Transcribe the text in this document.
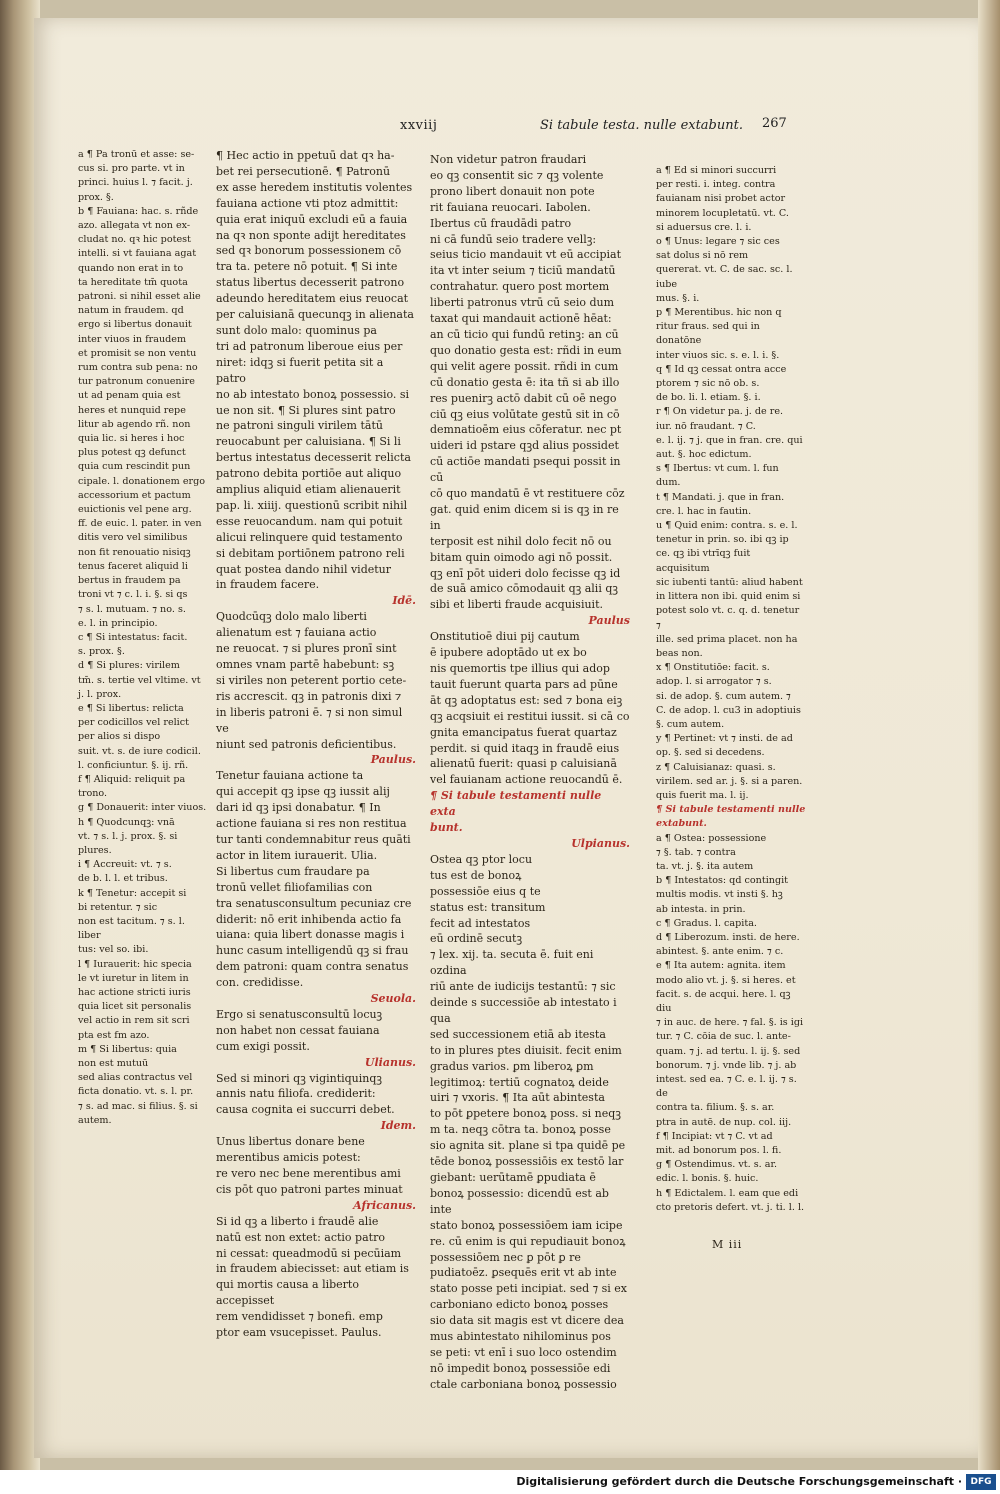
xxviij	Si tabule testa. nulle extabunt. 267

a ¶ Pa tronū et asse: se-

cus si. pro parte. vt in

princi. huius l. ⁊ facit. j.

prox. §.

b ¶ Fauiana: hac. s. rñde

azo. allegata vt non ex-

cludat no. qꝛ hic potest

intelli. si vt fauiana agat

quando non erat in to

ta hereditate tm̄ quota

patroni. si nihil esset alie

natum in fraudem. qd

ergo si libertus donauit

inter viuos in fraudem

et promisit se non ventu

rum contra sub pena: no

tur patronum conuenire

ut ad penam quia est

heres et nunquid repe

litur ab agendo rñ. non

quia lic. si heres i hoc

plus potest qꝫ defunct

quia cum rescindit pun

cipale. l. donationem ergo

accessorium et pactum

euictionis vel pene arg.

ff. de euic. l. pater. in ven

ditis vero vel similibus

non fit renouatio nisiqꝫ

tenus faceret aliquid li

bertus in fraudem pa

troni vt ⁊ c. l. i. §. si qs

⁊ s. l. mutuam. ⁊ no. s.

e. l. in principio.

c ¶ Si intestatus: facit.

s. prox. §.

d ¶ Si plures: virilem

tm̄. s. tertie vel vltime. vt

j. l. prox.

e ¶ Si libertus: relicta

per codicillos vel relict

per alios si dispo

suit. vt. s. de iure codicil.

l. conficiuntur. §. ij. rñ.

f ¶ Aliquid: reliquit pa

trono.

g ¶ Donauerit: inter viuos.

h ¶ Quodcunqꝫ: vnā

vt. ⁊ s. l. j. prox. §. si

plures.

i ¶ Accreuit: vt. ⁊ s.

de b. l. l. et tribus.

k ¶ Tenetur: accepit si

bi retentur. ⁊ sic

non est tacitum. ⁊ s. l. liber

tus: vel so. ibi.

l ¶ Iurauerit: hic specia

le vt iuretur in litem in

hac actione stricti iuris

quia licet sit personalis

vel actio in rem sit scri

pta est fm azo.

m ¶ Si libertus: quia

non est mutuū

sed alias contractus vel

ficta donatio. vt. s. l. pr.

⁊ s. ad mac. si filius. §. si

autem.

¶ Hec actio in ppetuū dat qꝛ ha-

bet rei persecutionē. ¶ Patronū

ex asse heredem institutis volentes

fauiana actione vti ptoz admittit:

quia erat iniquū excludi eū a fauia

na qꝛ non sponte adijt hereditates

sed qꝛ bonorum possessionem cō

tra ta. petere nō potuit. ¶ Si inte

status libertus decesserit patrono

adeundo hereditatem eius reuocat

per caluisianā quecunqꝫ in alienata

sunt dolo malo: quominus pa

tri ad patronum liberoue eius per

niret: idqꝫ si fuerit petita sit a patro

no ab intestato bonoꝝ possessio. si

ue non sit. ¶ Si plures sint patro

ne patroni singuli virilem tātū

reuocabunt per caluisiana. ¶ Si li

bertus intestatus decesserit relicta

patrono debita portiōe aut aliquo

amplius aliquid etiam alienauerit

pap. li. xiiij. questionū scribit nihil

esse reuocandum. nam qui potuit

alicui relinquere quid testamento

si debitam portiōnem patrono reli

quat postea dando nihil videtur

in fraudem facere.

Idē.

Quodcūqꝫ dolo malo liberti

alienatum est ⁊ fauiana actio

ne reuocat. ⁊ si plures pronī sint

omnes vnam partē habebunt: sꝫ

si viriles non peterent portio cete-

ris accrescit. qꝫ in patronis dixi ⁊

in liberis patroni ē. ⁊ si non simul ve

niunt sed patronis deficientibus.

Paulus.

Tenetur fauiana actione ta

qui accepit qꝫ ipse qꝫ iussit alij

dari id qꝫ ipsi donabatur. ¶ In

actione fauiana si res non restitua

tur tanti condemnabitur reus quāti

actor in litem iurauerit. Ulia.

Si libertus cum fraudare pa

tronū vellet filiofamilias con

tra senatusconsultum pecuniaz cre

diderit: nō erit inhibenda actio fa

uiana: quia libert donasse magis i

hunc casum intelligendū qꝫ si frau

dem patroni: quam contra senatus

con. credidisse.

Seuola.

Ergo si senatusconsultū locuꝫ

non habet non cessat fauiana

cum exigi possit.

Ulianus.

Sed si minori qꝫ vigintiquinqꝫ

annis natu filiofa. crediderit:

causa cognita ei succurri debet.

Idem.

Unus libertus donare bene

merentibus amicis potest:

re vero nec bene merentibus ami

cis pōt quo patroni partes minuat

Africanus.

Si id qꝫ a liberto i fraudē alie

natū est non extet: actio patro

ni cessat: queadmodū si pecūiam

in fraudem abiecisset: aut etiam is

qui mortis causa a liberto accepisset

rem vendidisset ⁊ bonefi. emp

ptor eam vsucepisset. Paulus.

Non videtur patron fraudari

eo qꝫ consentit sic ⁊ qꝫ volente

prono libert donauit non pote

rit fauiana reuocari. Iabolen.

Ibertus cū fraudādi patro

ni cā fundū seio tradere vellꝫ:

seius ticio mandauit vt eū accipiat

ita vt inter seium ⁊ ticiū mandatū

contrahatur. quero post mortem

liberti patronus vtrū cū seio dum

taxat qui mandauit actionē hēat:

an cū ticio qui fundū retinꝫ: an cū

quo donatio gesta est: rñdi in eum

qui velit agere possit. rñdi in cum

cū donatio gesta ē: ita tñ si ab illo

res puenirꝫ actō dabit cū oē nego

ciū qꝫ eius volūtate gestū sit in cō

demnatioēm eius cōferatur. nec pt

uideri id pstare qꝫd alius possidet

cū actiōe mandati psequi possit in cū

cō quo mandatū ē vt restituere cōz

gat. quid enim dicem si is qꝫ in re in

terposit est nihil dolo fecit nō ou

bitam quin oimodo agi nō possit.

qꝫ enī pōt uideri dolo fecisse qꝫ id

de suā amico cōmodauit qꝫ alii qꝫ

sibi et liberti fraude acquisiuit.

Paulus

Onstitutioē diui pij cautum

ē ipubere adoptādo ut ex bo

nis quemortis tpe illius qui adop

tauit fuerunt quarta pars ad pūne

āt qꝫ adoptatus est: sed ⁊ bona eiꝫ

qꝫ acqsiuit ei restitui iussit. si cā co

gnita emancipatus fuerat quartaz

perdit. si quid itaqꝫ in fraudē eius

alienatū fuerit: quasi p caluisianā

vel fauianam actione reuocandū ē.

¶ Si tabule testamenti nulle exta

bunt.

Ulpianus.

Ostea qꝫ ptor locu

tus est de bonoꝝ

possessiōe eius q te

status est: transitum

fecit ad intestatos

eū ordinē secutꝫ

⁊ lex. xij. ta. secuta ē. fuit eni ozdina

riū ante de iudicijs testantū: ⁊ sic

deinde s successiōe ab intestato i qua

sed successionem etiā ab itesta

to in plures ptes diuisit. fecit enim

gradus varios. ꝑm liberoꝝ ꝑm

legitimoꝝ: tertiū cognatoꝝ deide

uiri ⁊ vxoris. ¶ Ita aūt abintesta

to pōt ꝑpetere bonoꝝ poss. si neqꝫ

m ta. neqꝫ cōtra ta. bonoꝝ posse

sio agnita sit. plane si tpa quidē pe

tēde bonoꝝ possessiōis ex testō lar

giebant: uerūtamē ꝑpudiata ē

bonoꝝ possessio: dicendū est ab inte

stato bonoꝝ possessiōem iam icipe

re. cū enim is qui repudiauit bonoꝝ

possessiōem nec ꝑ pōt ꝑ re

pudiatoēz. ꝑsequēs erit vt ab inte

stato posse peti incipiat. sed ⁊ si ex

carboniano edicto bonoꝝ posses

sio data sit magis est vt dicere dea

mus abintestato nihilominus pos

se peti: vt enī i suo loco ostendim

nō impedit bonoꝝ possessiōe edi

ctale carboniana bonoꝝ possessio

a ¶ Ed si minori succurri

per resti. i. integ. contra

fauianam nisi probet actor

minorem locupletatū. vt. C.

si aduersus cre. l. i.

o ¶ Unus: legare ⁊ sic ces

sat dolus si nō rem

quererat. vt. C. de sac. sc. l. iube

mus. §. i.

p ¶ Merentibus. hic non q

ritur fraus. sed qui in donatōne

inter viuos sic. s. e. l. i. §.

q ¶ Id qꝫ cessat ontra acce

ptorem ⁊ sic nō ob. s.

de bo. li. l. etiam. §. i.

r ¶ On videtur pa. j. de re.

iur. nō fraudant. ⁊ C.

e. l. ij. ⁊ j. que in fran. cre. qui

aut. §. hoc edictum.

s ¶ Ibertus: vt cum. l. fun

dum.

t ¶ Mandati. j. que in fran.

cre. l. hac in fautin.

u ¶ Quid enim: contra. s. e. l.

tenetur in prin. so. ibi qꝫ ip

ce. qꝫ ibi vtrīqꝫ fuit acquisitum

sic iubenti tantū: aliud habent

in littera non ibi. quid enim si

potest solo vt. c. q. d. tenetur ⁊

ille. sed prima placet. non ha

beas non.

x ¶ Onstitutiōe: facit. s.

adop. l. si arrogator ⁊ s.

si. de adop. §. cum autem. ⁊

C. de adop. l. cu3 in adoptiuis

§. cum autem.

y ¶ Pertinet: vt ⁊ insti. de ad

op. §. sed si decedens.

z ¶ Caluisianaz: quasi. s.

virilem. sed ar. j. §. si a paren.

quis fuerit ma. l. ij.

¶ Si tabule testamenti nulle

extabunt.

a ¶ Ostea: possessione

⁊ §. tab. ⁊ contra

ta. vt. j. §. ita autem

b ¶ Intestatos: qd contingit

multis modis. vt insti §. hꝫ

ab intesta. in prin.

c ¶ Gradus. l. capita.

d ¶ Liberozum. insti. de here.

abintest. §. ante enim. ⁊ c.

e ¶ Ita autem: agnita. item

modo alio vt. j. §. si heres. et

facit. s. de acqui. here. l. qꝫ diu

⁊ in auc. de here. ⁊ fal. §. is igi

tur. ⁊ C. cōia de suc. l. ante-

quam. ⁊ j. ad tertu. l. ij. §. sed

bonorum. ⁊ j. vnde lib. ⁊ j. ab

intest. sed ea. ⁊ C. e. l. ij. ⁊ s. de

contra ta. filium. §. s. ar.

ptra in autē. de nup. col. iij.

f ¶ Incipiat: vt ⁊ C. vt ad

mit. ad bonorum pos. l. fi.

g ¶ Ostendimus. vt. s. ar.

edic. l. bonis. §. huic.

h ¶ Edictalem. l. eam que edi

cto pretoris defert. vt. j. ti. l. l.

M iii
Digitalisierung gefördert durch die Deutsche Forschungsgemeinschaft · DFG
